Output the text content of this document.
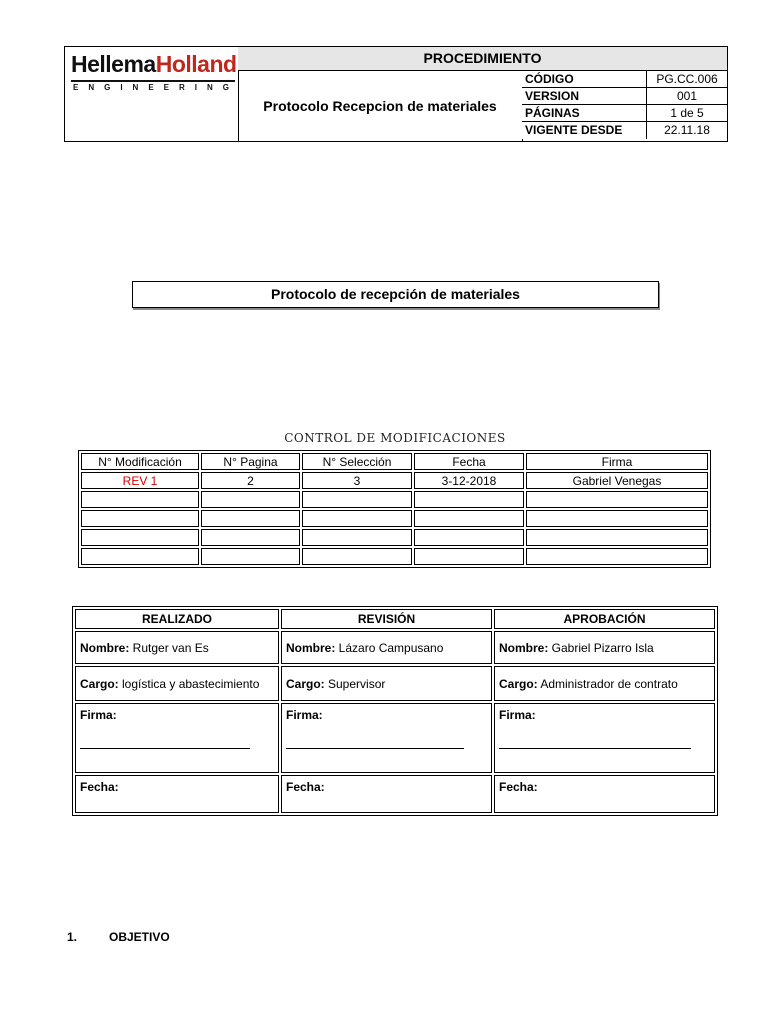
HellemaHolland
ENGINEERING
PROCEDIMIENTO
Protocolo Recepcion de materiales
CÓDIGO	PG.CC.006
VERSION	001
PÁGINAS	1 de 5
VIGENTE DESDE	22.11.18
Protocolo de recepción de materiales
CONTROL DE MODIFICACIONES
N° Modificación	N° Pagina	N° Selección	Fecha	Firma
REV 1	2	3	3-12-2018	Gabriel Venegas

REALIZADO	REVISIÓN	APROBACIÓN
Nombre: Rutger van Es	Nombre: Lázaro Campusano	Nombre: Gabriel Pizarro Isla
Cargo: logística y abastecimiento	Cargo: Supervisor	Cargo: Administrador de contrato
Firma:	Firma:	Firma:

Fecha:	Fecha:	Fecha:
1.	OBJETIVO
